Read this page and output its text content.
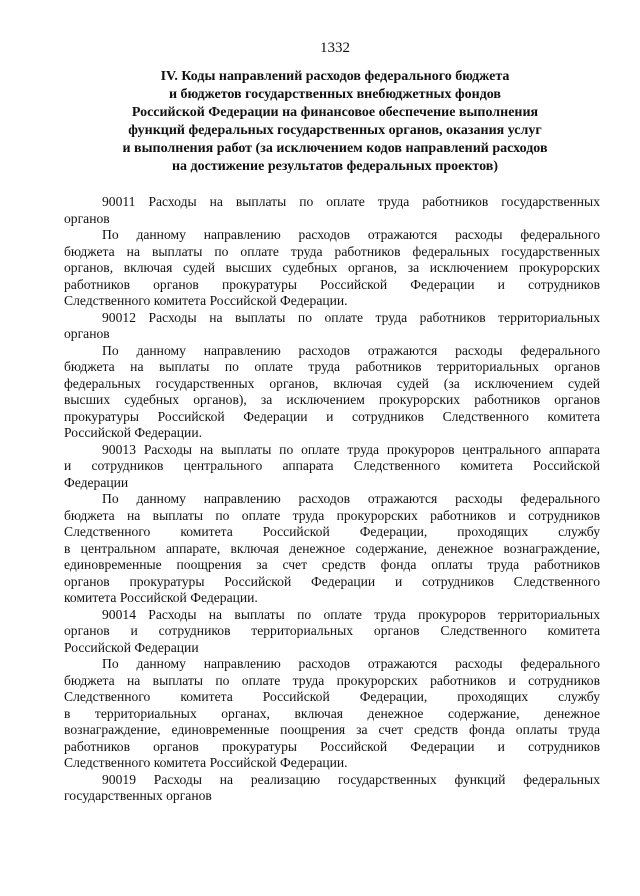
1332
IV. Коды направлений расходов федерального бюджета
и бюджетов государственных внебюджетных фондов
Российской Федерации на финансовое обеспечение выполнения
функций федеральных государственных органов, оказания услуг
и выполнения работ (за исключением кодов направлений расходов
на достижение результатов федеральных проектов)
90011 Расходы на выплаты по оплате труда работников государственных
органов
По данному направлению расходов отражаются расходы федерального
бюджета на выплаты по оплате труда работников федеральных государственных
органов, включая судей высших судебных органов, за исключением прокурорских
работников органов прокуратуры Российской Федерации и сотрудников
Следственного комитета Российской Федерации.
90012 Расходы на выплаты по оплате труда работников территориальных
органов
По данному направлению расходов отражаются расходы федерального
бюджета на выплаты по оплате труда работников территориальных органов
федеральных государственных органов, включая судей (за исключением судей
высших судебных органов), за исключением прокурорских работников органов
прокуратуры Российской Федерации и сотрудников Следственного комитета
Российской Федерации.
90013 Расходы на выплаты по оплате труда прокуроров центрального аппарата
и сотрудников центрального аппарата Следственного комитета Российской
Федерации
По данному направлению расходов отражаются расходы федерального
бюджета на выплаты по оплате труда прокурорских работников и сотрудников
Следственного комитета Российской Федерации, проходящих службу
в центральном аппарате, включая денежное содержание, денежное вознаграждение,
единовременные поощрения за счет средств фонда оплаты труда работников
органов прокуратуры Российской Федерации и сотрудников Следственного
комитета Российской Федерации.
90014 Расходы на выплаты по оплате труда прокуроров территориальных
органов и сотрудников территориальных органов Следственного комитета
Российской Федерации
По данному направлению расходов отражаются расходы федерального
бюджета на выплаты по оплате труда прокурорских работников и сотрудников
Следственного комитета Российской Федерации, проходящих службу
в территориальных органах, включая денежное содержание, денежное
вознаграждение, единовременные поощрения за счет средств фонда оплаты труда
работников органов прокуратуры Российской Федерации и сотрудников
Следственного комитета Российской Федерации.
90019 Расходы на реализацию государственных функций федеральных
государственных органов
